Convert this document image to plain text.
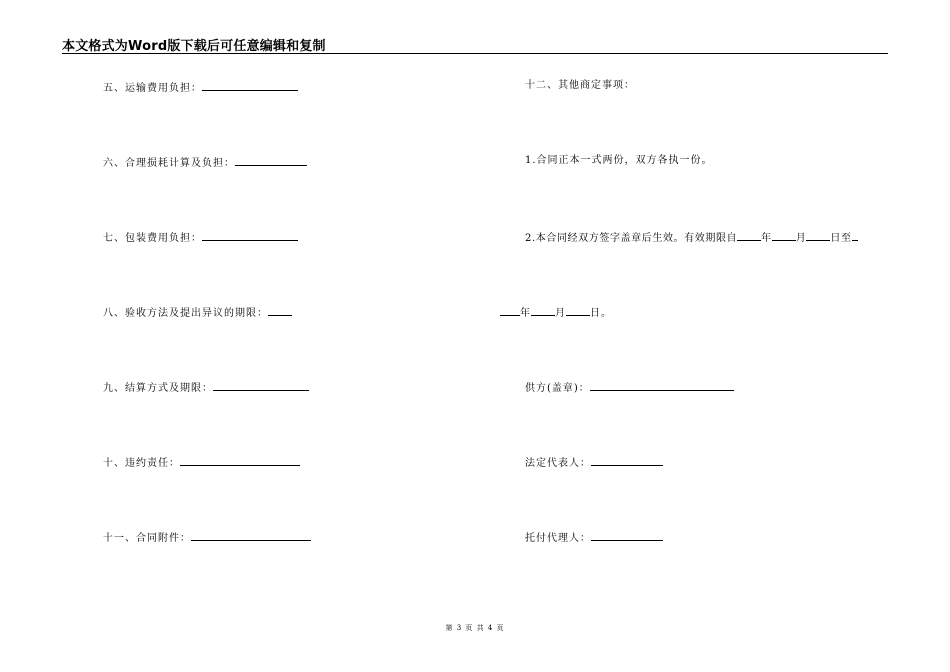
本文格式为Word版下载后可任意编辑和复制
五、运输费用负担：
六、合理损耗计算及负担：
七、包装费用负担：
八、验收方法及提出异议的期限：
九、结算方式及期限：
十、违约责任：
十一、合同附件：
十二、其他商定事项：
1.合同正本一式两份，双方各执一份。
2.本合同经双方签字盖章后生效。有效期限自 年 月 日至
年 月 日。
供方(盖章)：
法定代表人：
托付代理人：
第 3 页 共 4 页
